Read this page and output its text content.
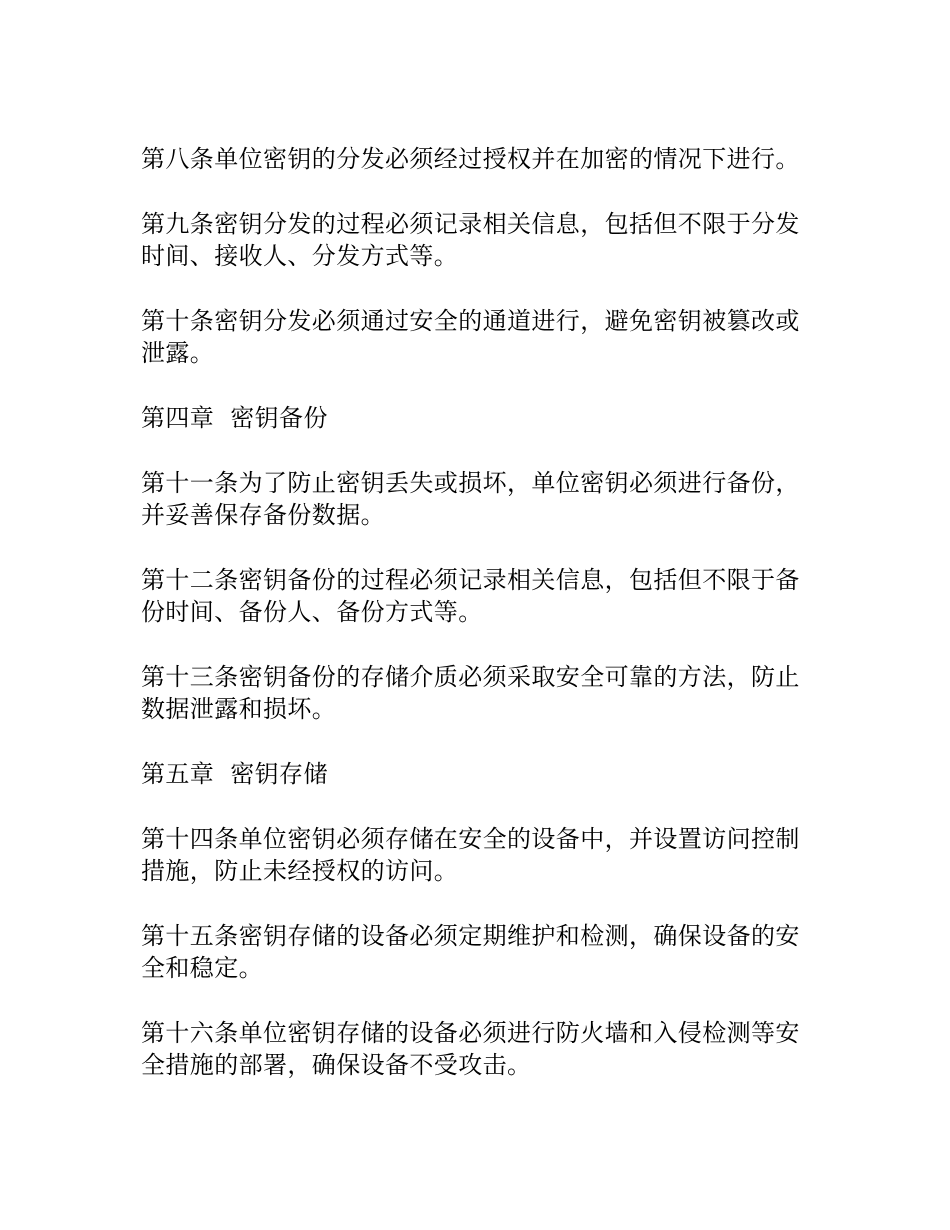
第八条单位密钥的分发必须经过授权并在加密的情况下进行。

第九条密钥分发的过程必须记录相关信息，包括但不限于分发时间、接收人、分发方式等。

第十条密钥分发必须通过安全的通道进行，避免密钥被篡改或泄露。

第四章  密钥备份

第十一条为了防止密钥丢失或损坏，单位密钥必须进行备份，并妥善保存备份数据。

第十二条密钥备份的过程必须记录相关信息，包括但不限于备份时间、备份人、备份方式等。

第十三条密钥备份的存储介质必须采取安全可靠的方法，防止数据泄露和损坏。

第五章  密钥存储

第十四条单位密钥必须存储在安全的设备中，并设置访问控制措施，防止未经授权的访问。

第十五条密钥存储的设备必须定期维护和检测，确保设备的安全和稳定。

第十六条单位密钥存储的设备必须进行防火墙和入侵检测等安全措施的部署，确保设备不受攻击。
